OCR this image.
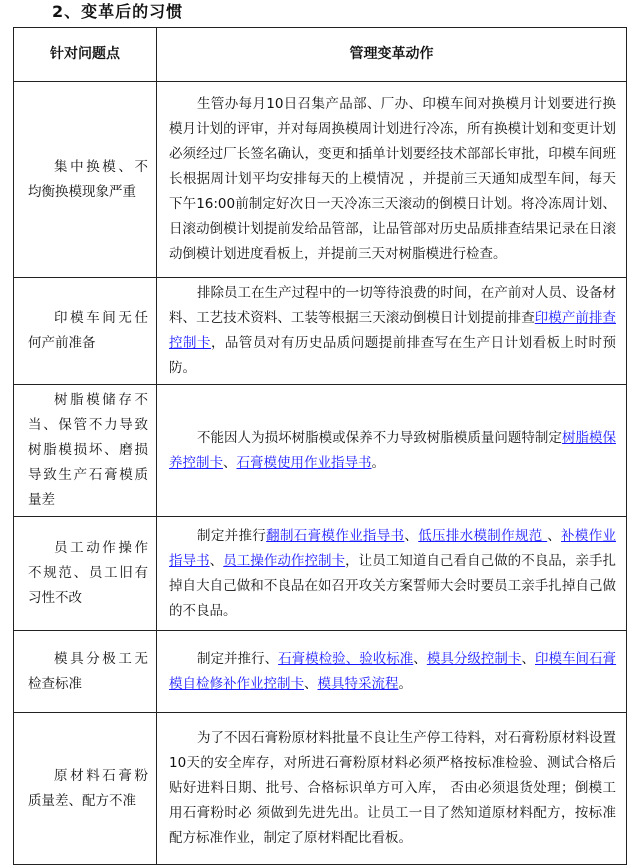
2、变革后的习惯
针对问题点	管理变革动作

集中换模、不均衡换模现象严重	生管办每月10日召集产品部、厂办、印模车间对换模月计划要进行换模月计划的评审，并对每周换模周计划进行冷冻，所有换模计划和变更计划必须经过厂长签名确认，变更和插单计划要经技术部部长审批，印模车间班长根据周计划平均安排每天的上模情况 ，并提前三天通知成型车间，每天下午16:00前制定好次日一天冷冻三天滚动的倒模日计划。将冷冻周计划、日滚动倒模计划提前发给品管部，让品管部对历史品质排查结果记录在日滚动倒模计划进度看板上，并提前三天对树脂模进行检查。

印模车间无任何产前准备	排除员工在生产过程中的一切等待浪费的时间，在产前对人员、设备材料、工艺技术资料、工装等根据三天滚动倒模日计划提前排查印模产前排查控制卡，品管员对有历史品质问题提前排查写在生产日计划看板上时时预防。

树脂模储存不当、保管不力导致树脂模损坏、磨损导致生产石膏模质量差	不能因人为损坏树脂模或保养不力导致树脂模质量问题特制定树脂模保养控制卡、石膏模使用作业指导书。

员工动作操作不规范、员工旧有习性不改	制定并推行翻制石膏模作业指导书、低压排水模制作规范 、补模作业指导书、员工操作动作控制卡，让员工知道自己看自己做的不良品，亲手扎掉自大自己做和不良品在如召开攻关方案誓师大会时要员工亲手扎掉自己做的不良品。

模具分极工无检查标准	制定并推行、石膏模检验、验收标准、模具分级控制卡、印模车间石膏模自检修补作业控制卡、模具特采流程。

原材料石膏粉质量差、配方不准	为了不因石膏粉原材料批量不良让生产停工待料，对石膏粉原材料设置10天的安全库存，对所进石膏粉原材料必须严格按标准检验、测试合格后贴好进料日期、批号、合格标识单方可入库， 否由必须退货处理；倒模工用石膏粉时必 须做到先进先出。让员工一目了然知道原材料配方，按标准配方标准作业，制定了原材料配比看板。
